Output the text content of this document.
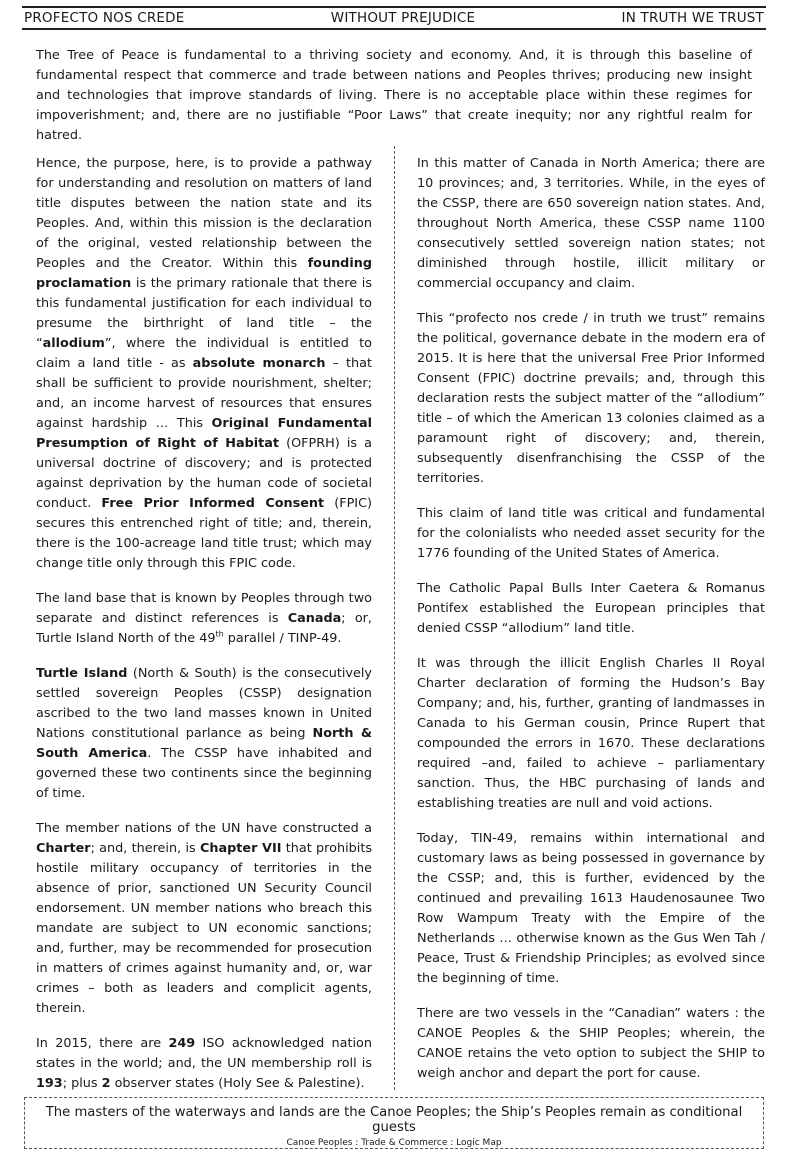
PROFECTO NOS CREDE	WITHOUT PREJUDICE	IN TRUTH WE TRUST

The Tree of Peace is fundamental to a thriving society and economy. And, it is through this baseline of fundamental respect that commerce and trade between nations and Peoples thrives; producing new insight and technologies that improve standards of living. There is no acceptable place within these regimes for impoverishment; and, there are no justifiable “Poor Laws” that create inequity; nor any rightful realm for hatred.

Hence, the purpose, here, is to provide a pathway for understanding and resolution on matters of land title disputes between the nation state and its Peoples. And, within this mission is the declaration of the original, vested relationship between the Peoples and the Creator. Within this founding proclamation is the primary rationale that there is this fundamental justification for each individual to presume the birthright of land title – the “allodium”, where the individual is entitled to claim a land title - as absolute monarch – that shall be sufficient to provide nourishment, shelter; and, an income harvest of resources that ensures against hardship … This Original Fundamental Presumption of Right of Habitat (OFPRH) is a universal doctrine of discovery; and is protected against deprivation by the human code of societal conduct. Free Prior Informed Consent (FPIC) secures this entrenched right of title; and, therein, there is the 100-acreage land title trust; which may change title only through this FPIC code.

The land base that is known by Peoples through two separate and distinct references is Canada; or, Turtle Island North of the 49th parallel / TINP-49.

Turtle Island (North & South) is the consecutively settled sovereign Peoples (CSSP) designation ascribed to the two land masses known in United Nations constitutional parlance as being North & South America. The CSSP have inhabited and governed these two continents since the beginning of time.

The member nations of the UN have constructed a Charter; and, therein, is Chapter VII that prohibits hostile military occupancy of territories in the absence of prior, sanctioned UN Security Council endorsement. UN member nations who breach this mandate are subject to UN economic sanctions; and, further, may be recommended for prosecution in matters of crimes against humanity and, or, war crimes – both as leaders and complicit agents, therein.

In 2015, there are 249 ISO acknowledged nation states in the world; and, the UN membership roll is 193; plus 2 observer states (Holy See & Palestine).

In this matter of Canada in North America; there are 10 provinces; and, 3 territories. While, in the eyes of the CSSP, there are 650 sovereign nation states. And, throughout North America, these CSSP name 1100 consecutively settled sovereign nation states; not diminished through hostile, illicit military or commercial occupancy and claim.

This “profecto nos crede / in truth we trust” remains the political, governance debate in the modern era of 2015. It is here that the universal Free Prior Informed Consent (FPIC) doctrine prevails; and, through this declaration rests the subject matter of the “allodium” title – of which the American 13 colonies claimed as a paramount right of discovery; and, therein, subsequently disenfranchising the CSSP of the territories.

This claim of land title was critical and fundamental for the colonialists who needed asset security for the 1776 founding of the United States of America.

The Catholic Papal Bulls Inter Caetera & Romanus Pontifex established the European principles that denied CSSP “allodium” land title.

It was through the illicit English Charles II Royal Charter declaration of forming the Hudson’s Bay Company; and, his, further, granting of landmasses in Canada to his German cousin, Prince Rupert that compounded the errors in 1670. These declarations required –and, failed to achieve – parliamentary sanction. Thus, the HBC purchasing of lands and establishing treaties are null and void actions.

Today, TIN-49, remains within international and customary laws as being possessed in governance by the CSSP; and, this is further, evidenced by the continued and prevailing 1613 Haudenosaunee Two Row Wampum Treaty with the Empire of the Netherlands … otherwise known as the Gus Wen Tah / Peace, Trust & Friendship Principles; as evolved since the beginning of time.

There are two vessels in the “Canadian” waters : the CANOE Peoples & the SHIP Peoples; wherein, the CANOE retains the veto option to subject the SHIP to weigh anchor and depart the port for cause.

The masters of the waterways and lands are the Canoe Peoples; the Ship’s Peoples remain as conditional guests
Canoe Peoples : Trade & Commerce : Logic Map
